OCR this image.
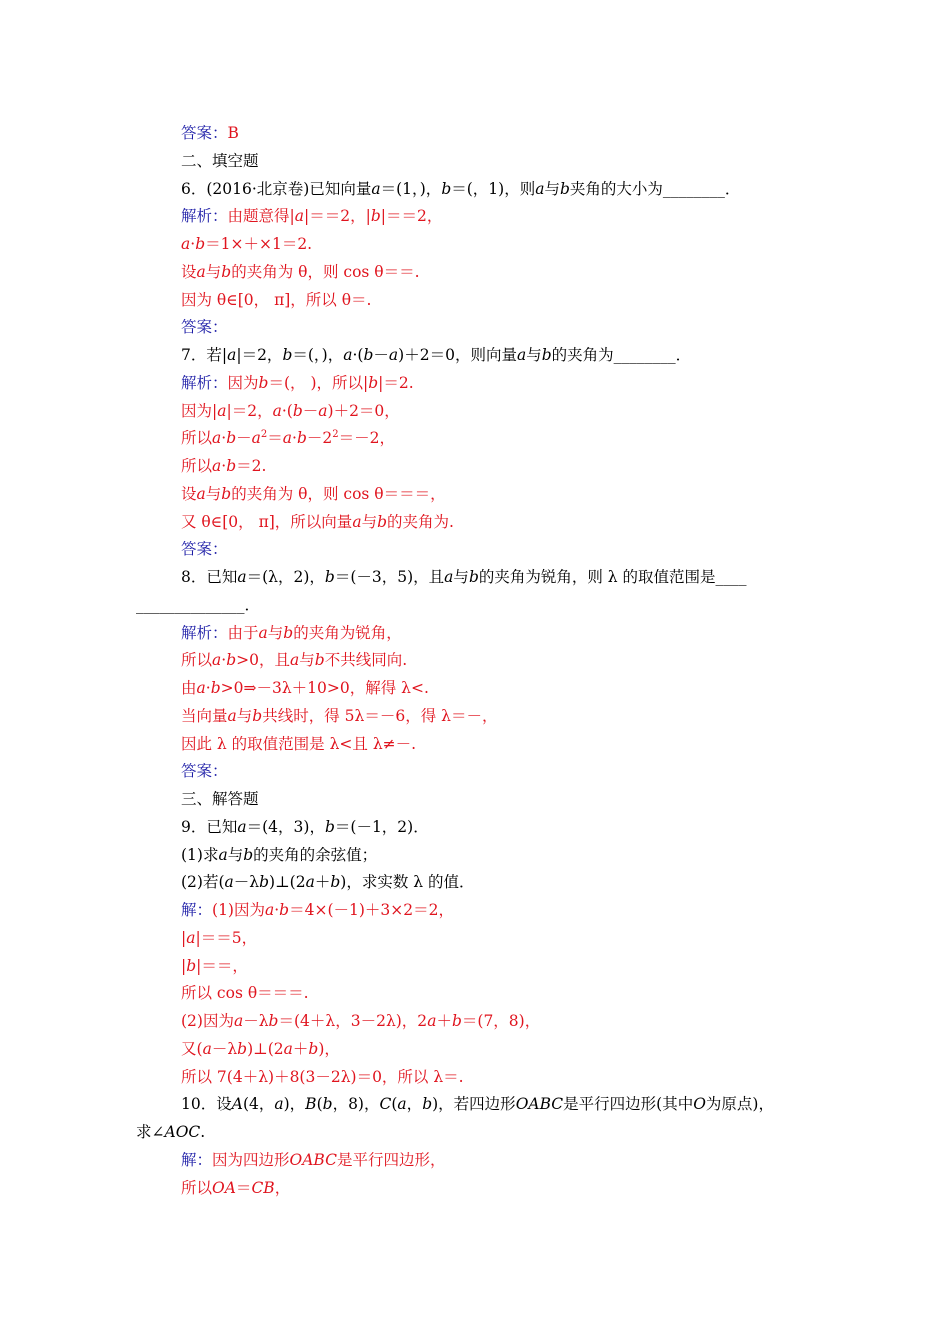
答案：B
二、填空题
6．(2016·北京卷)已知向量a＝(1，)，b＝(，1)，则a与b夹角的大小为________．
解析：由题意得|a|＝＝2，|b|＝＝2，
a·b＝1×＋×1＝2.
设a与b的夹角为 θ，则 cos θ＝＝.
因为 θ∈[0， π]，所以 θ＝.
答案：
7．若|a|＝2，b＝(，)，a·(b－a)＋2＝0，则向量a与b的夹角为________．
解析：因为b＝(， )，所以|b|＝2.
因为|a|＝2，a·(b－a)＋2＝0，
所以$a\cdot b-a^2=a\cdot b-2^2=-2$，
所以a·b＝2.
设a与b的夹角为 θ，则 cos θ＝＝＝，
又 θ∈[0， π]，所以向量a与b的夹角为.
答案：
8．已知a＝(λ，2)，b＝(－3，5)，且a与b的夹角为锐角，则 λ 的取值范围是____
______________．
解析：由于a与b的夹角为锐角，
所以a·b>0，且a与b不共线同向.
由a·b>0⇒－3λ＋10>0，解得 λ<.
当向量a与b共线时，得 5λ＝－6，得 λ＝－，
因此 λ 的取值范围是 λ<且 λ≠－.
答案：
三、解答题
9．已知a＝(4，3)，b＝(－1，2)．
(1)求a与b的夹角的余弦值；
(2)若(a－λb)⊥(2a＋b)，求实数 λ 的值．
解：(1)因为a·b＝4×(－1)＋3×2＝2，
|a|＝＝5，
|b|＝＝，
所以 cos θ＝＝＝.
(2)因为a－λb＝(4＋λ，3－2λ)，2a＋b＝(7，8)，
又(a－λb)⊥(2a＋b)，
所以 7(4＋λ)＋8(3－2λ)＝0，所以 λ＝.
10．设A(4，a)，B(b，8)，C(a，b)，若四边形OABC是平行四边形(其中O为原点)，
求∠AOC.
解：因为四边形OABC是平行四边形，
所以OA＝CB，
